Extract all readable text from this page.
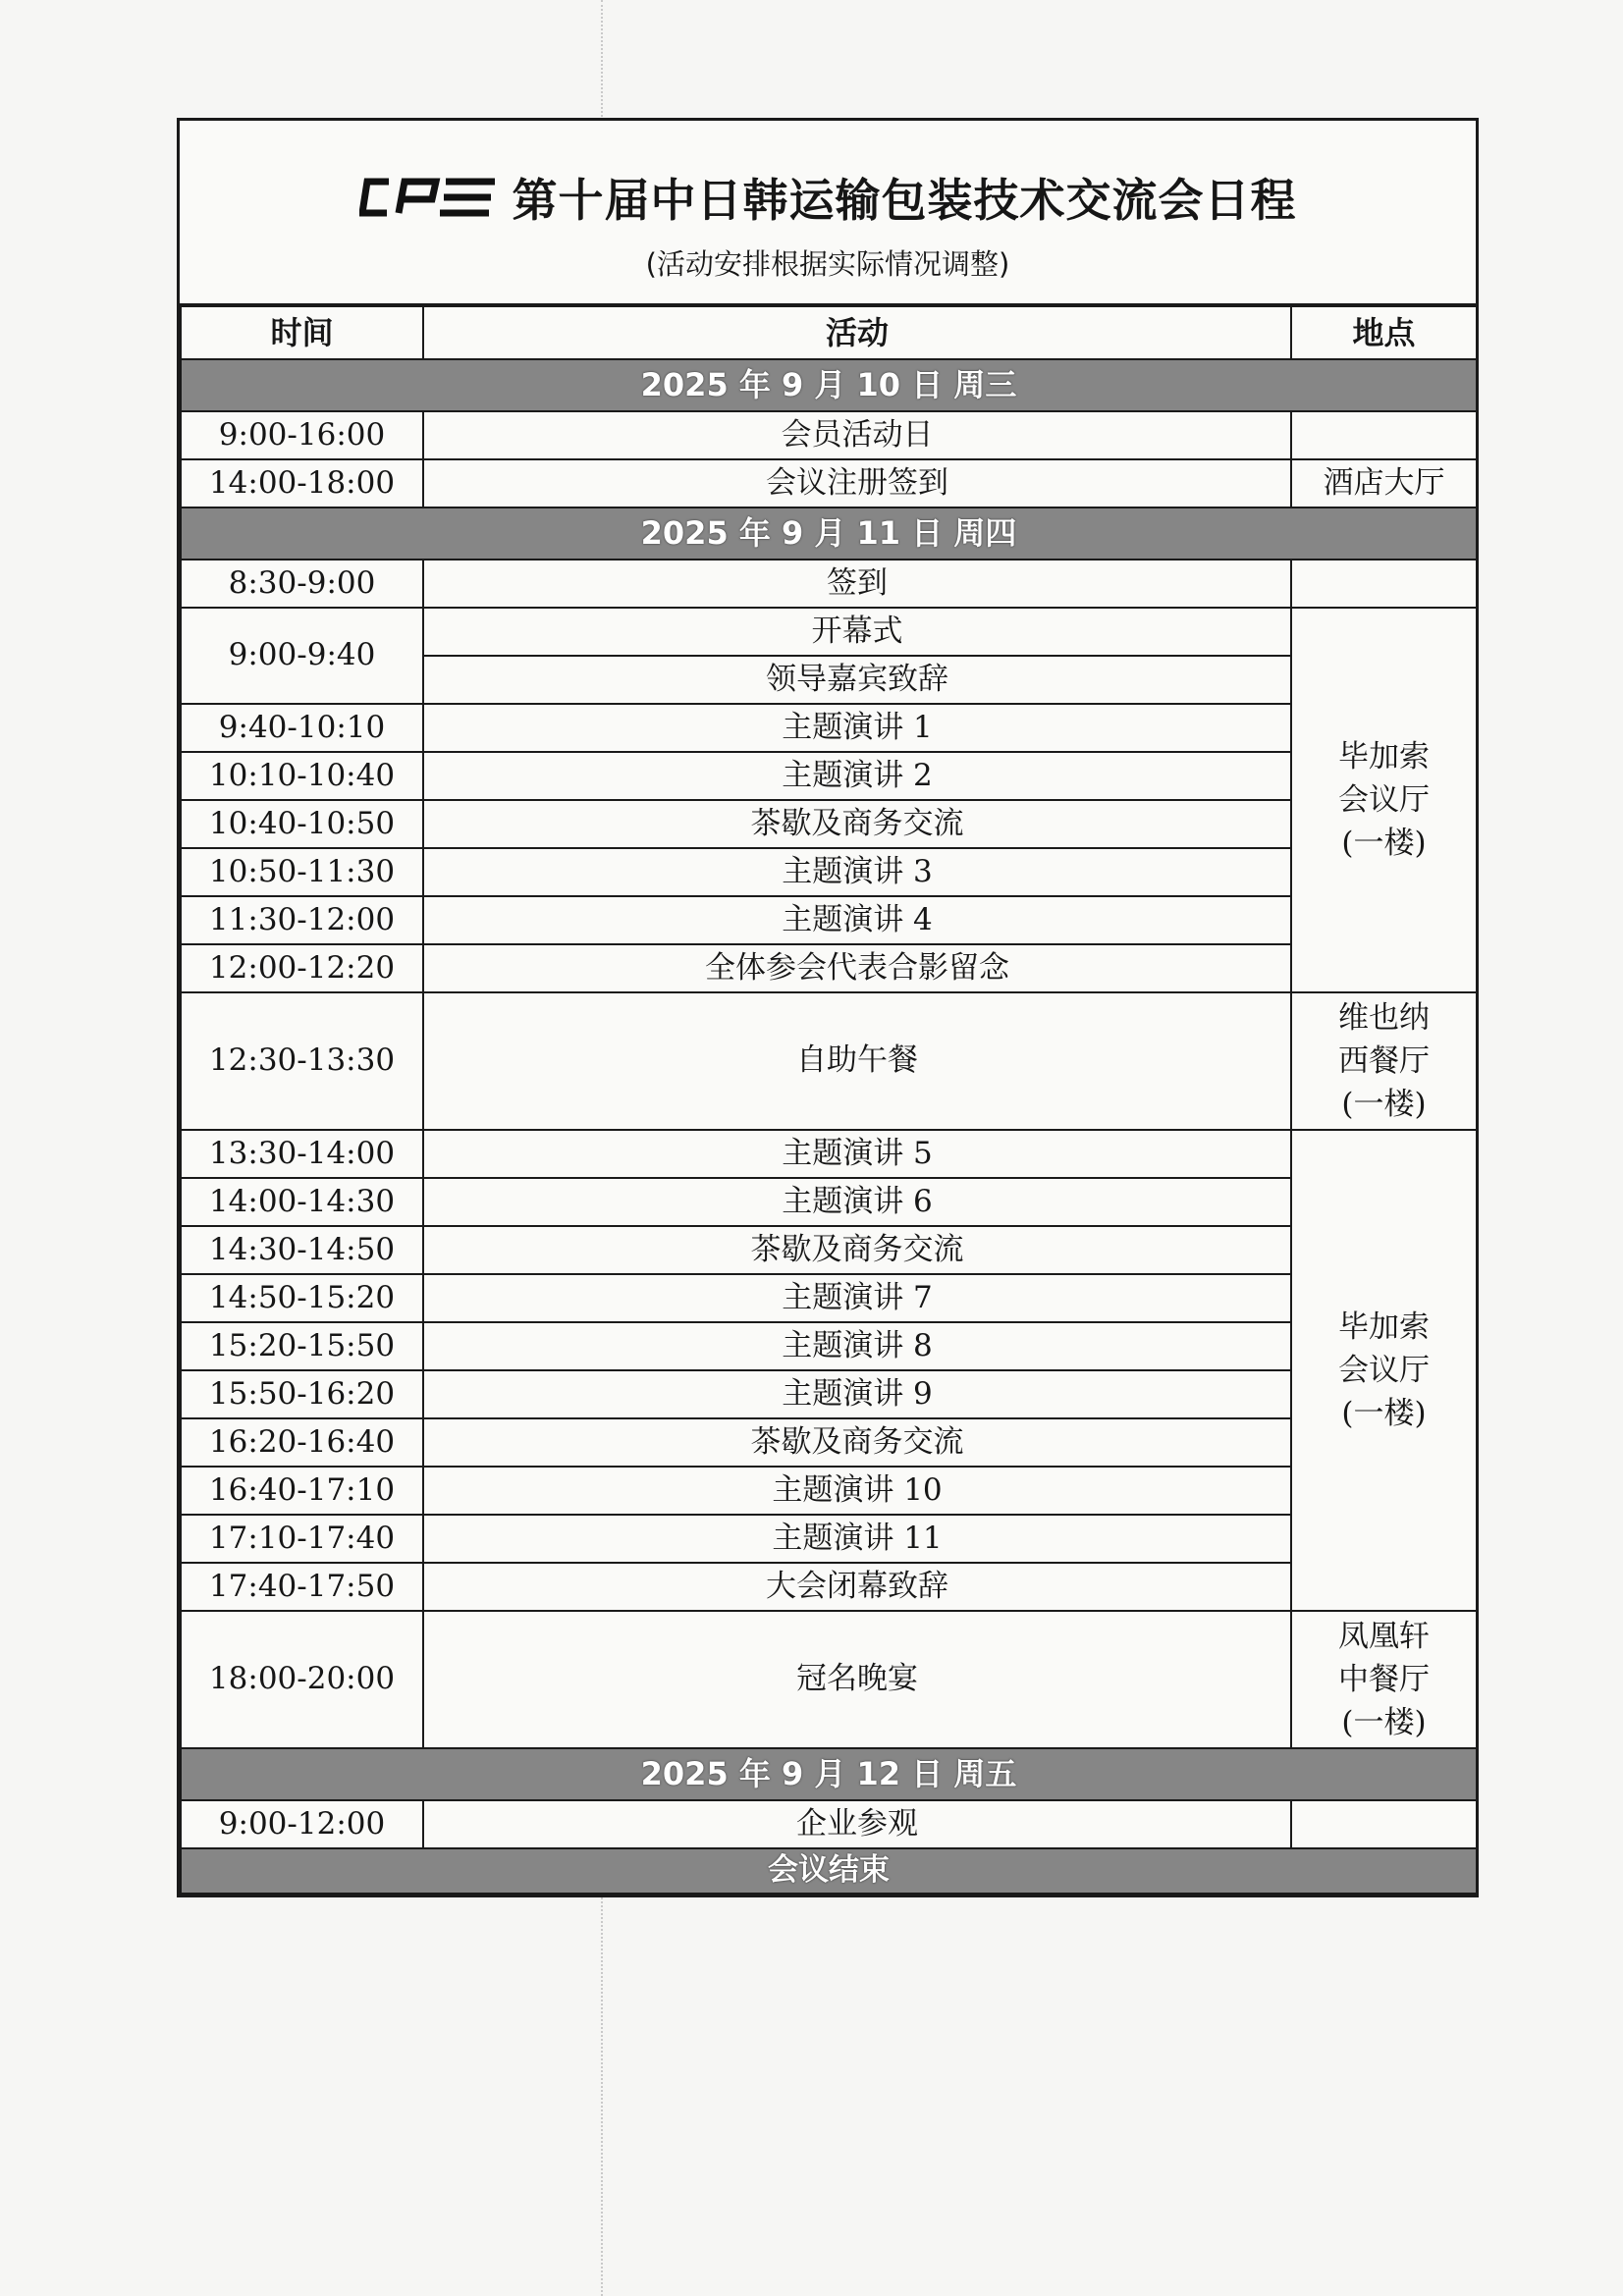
第十届中日韩运输包装技术交流会日程
(活动安排根据实际情况调整)
时间	活动	地点
2025 年 9 月 10 日 周三		
9:00-16:00	会员活动日	
14:00-18:00	会议注册签到	酒店大厅
2025 年 9 月 11 日 周四		
8:30-9:00	签到	
9:00-9:40	开幕式	毕加索
会议厅
(一楼)

	领导嘉宾致辞	
9:40-10:10	主题演讲 1	
10:10-10:40	主题演讲 2	
10:40-10:50	茶歇及商务交流	
10:50-11:30	主题演讲 3	
11:30-12:00	主题演讲 4	
12:00-12:20	全体参会代表合影留念	
12:30-13:30	自助午餐	维也纳
西餐厅
(一楼)

13:30-14:00	主题演讲 5	毕加索
会议厅
(一楼)

14:00-14:30	主题演讲 6	
14:30-14:50	茶歇及商务交流	
14:50-15:20	主题演讲 7	
15:20-15:50	主题演讲 8	
15:50-16:20	主题演讲 9	
16:20-16:40	茶歇及商务交流	
16:40-17:10	主题演讲 10	
17:10-17:40	主题演讲 11	
17:40-17:50	大会闭幕致辞	
18:00-20:00	冠名晚宴	凤凰轩
中餐厅
(一楼)

2025 年 9 月 12 日 周五		
9:00-12:00	企业参观	
会议结束		
